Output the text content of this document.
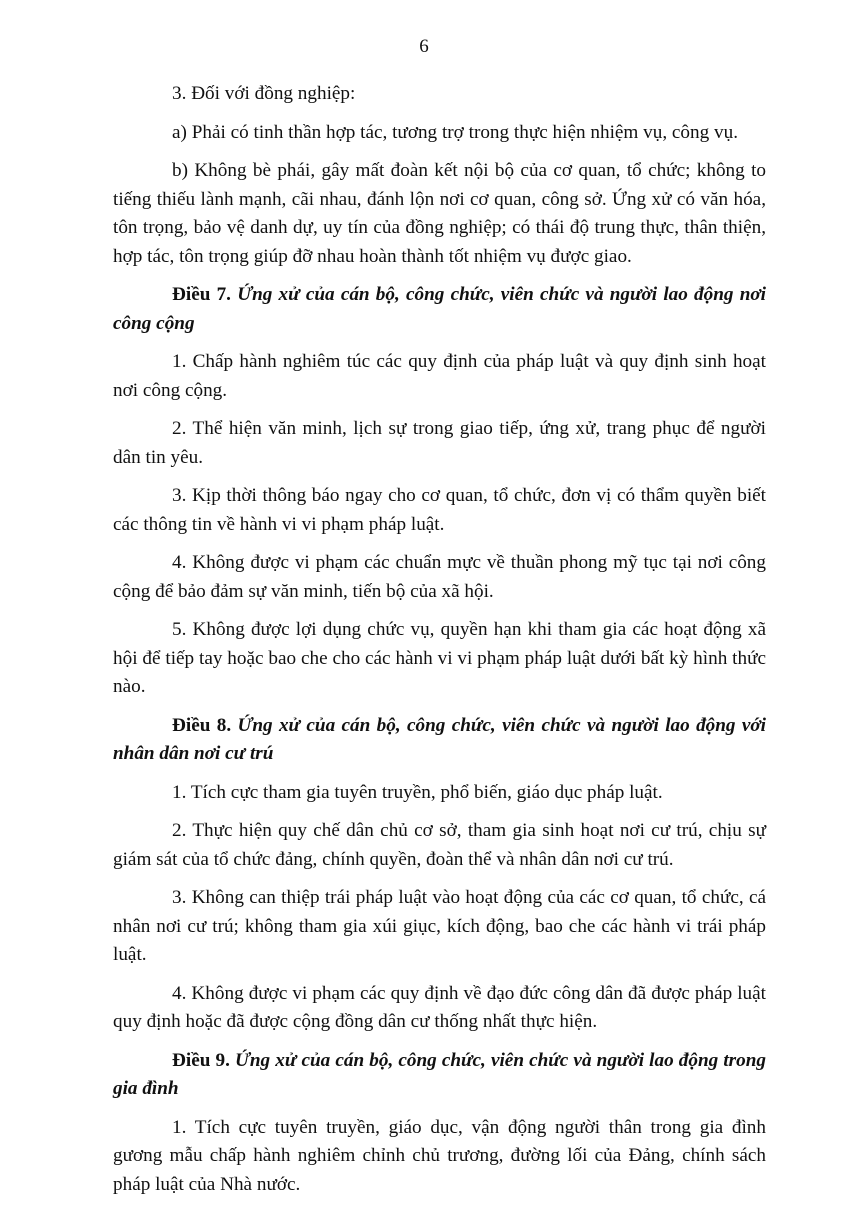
6

3. Đối với đồng nghiệp:

a) Phải có tinh thần hợp tác, tương trợ trong thực hiện nhiệm vụ, công vụ.

b) Không bè phái, gây mất đoàn kết nội bộ của cơ quan, tổ chức; không to tiếng thiếu lành mạnh, cãi nhau, đánh lộn nơi cơ quan, công sở. Ứng xử có văn hóa, tôn trọng, bảo vệ danh dự, uy tín của đồng nghiệp; có thái độ trung thực, thân thiện, hợp tác, tôn trọng giúp đỡ nhau hoàn thành tốt nhiệm vụ được giao.

Điều 7. Ứng xử của cán bộ, công chức, viên chức và người lao động nơi công cộng

1. Chấp hành nghiêm túc các quy định của pháp luật và quy định sinh hoạt nơi công cộng.

2. Thể hiện văn minh, lịch sự trong giao tiếp, ứng xử, trang phục để người dân tin yêu.

3. Kịp thời thông báo ngay cho cơ quan, tổ chức, đơn vị có thẩm quyền biết các thông tin về hành vi vi phạm pháp luật.

4. Không được vi phạm các chuẩn mực về thuần phong mỹ tục tại nơi công cộng để bảo đảm sự văn minh, tiến bộ của xã hội.

5. Không được lợi dụng chức vụ, quyền hạn khi tham gia các hoạt động xã hội để tiếp tay hoặc bao che cho các hành vi vi phạm pháp luật dưới bất kỳ hình thức nào.

Điều 8. Ứng xử của cán bộ, công chức, viên chức và người lao động với nhân dân nơi cư trú

1. Tích cực tham gia tuyên truyền, phổ biến, giáo dục pháp luật.

2. Thực hiện quy chế dân chủ cơ sở, tham gia sinh hoạt nơi cư trú, chịu sự giám sát của tổ chức đảng, chính quyền, đoàn thể và nhân dân nơi cư trú.

3. Không can thiệp trái pháp luật vào hoạt động của các cơ quan, tổ chức, cá nhân nơi cư trú; không tham gia xúi giục, kích động, bao che các hành vi trái pháp luật.

4. Không được vi phạm các quy định về đạo đức công dân đã được pháp luật quy định hoặc đã được cộng đồng dân cư thống nhất thực hiện.

Điều 9. Ứng xử của cán bộ, công chức, viên chức và người lao động trong gia đình

1. Tích cực tuyên truyền, giáo dục, vận động người thân trong gia đình gương mẫu chấp hành nghiêm chỉnh chủ trương, đường lối của Đảng, chính sách pháp luật của Nhà nước.
